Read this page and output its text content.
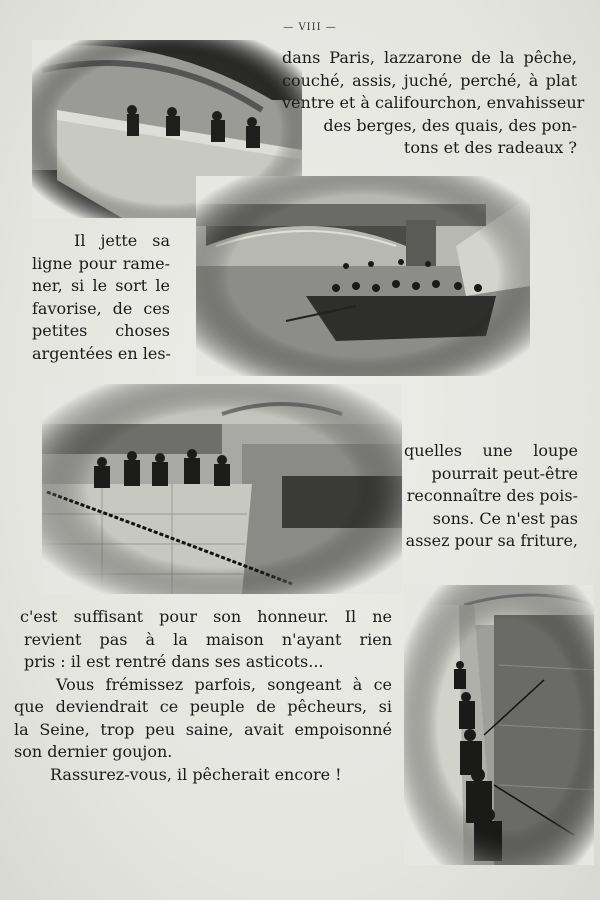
— VIII —
dans Paris, lazzarone de la pêche,
couché, assis, juché, perché, à plat
ventre et à califourchon, envahisseur
des berges, des quais, des pon-
tons et des radeaux ?
Il jette sa
ligne pour rame-
ner, si le sort le
favorise, de ces
petites choses
argentées en les-
quelles une loupe
pourrait peut-être
reconnaître des pois-
sons. Ce n'est pas
assez pour sa friture,
c'est suffisant pour son honneur. Il ne
revient pas à la maison n'ayant rien
pris : il est rentré dans ses asticots...
Vous frémissez parfois, songeant à ce
que deviendrait ce peuple de pêcheurs, si
la Seine, trop peu saine, avait empoisonné
son dernier goujon.
Rassurez-vous, il pêcherait encore !
